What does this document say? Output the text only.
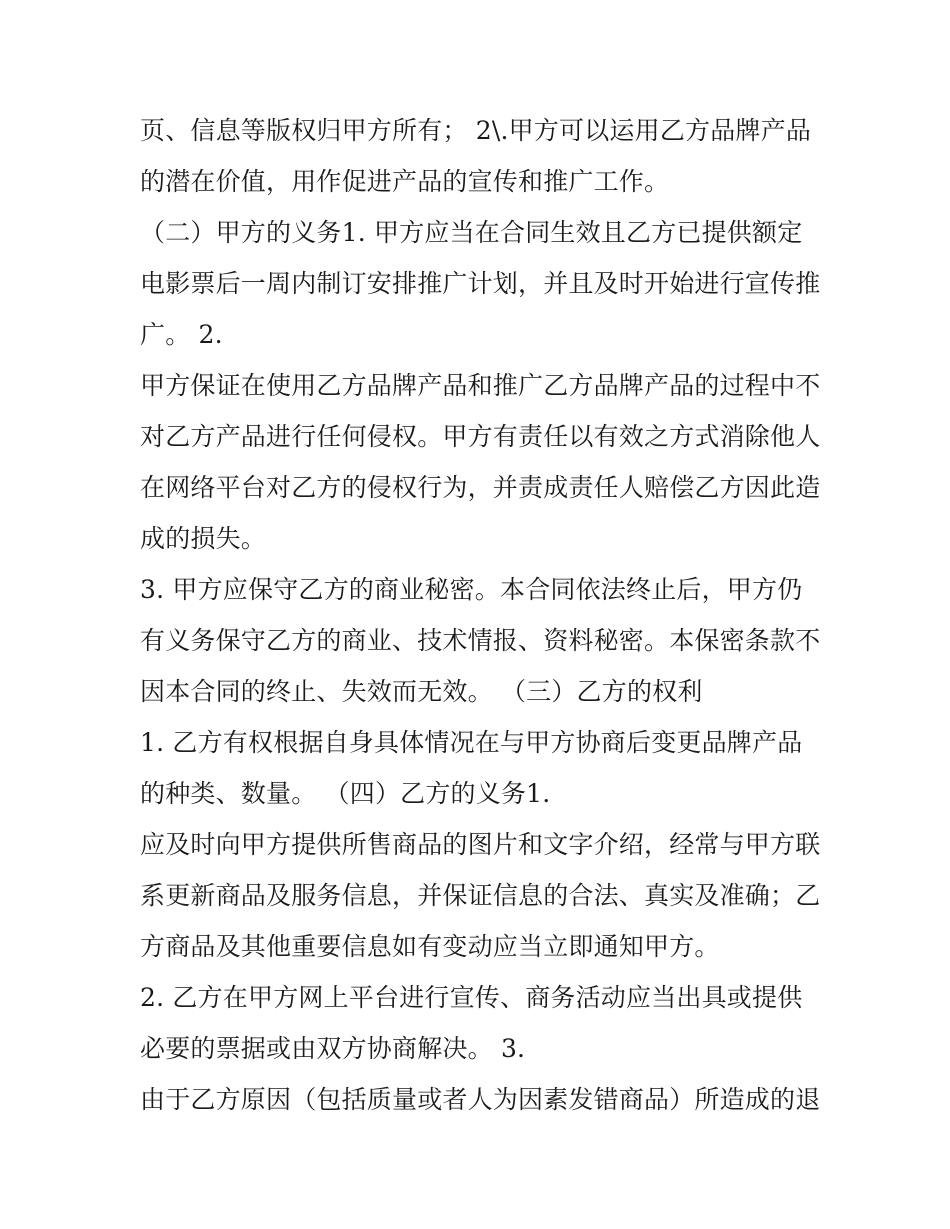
页、信息等版权归甲方所有； 2\.甲方可以运用乙方品牌产品
的潜在价值，用作促进产品的宣传和推广工作。
（二）甲方的义务1. 甲方应当在合同生效且乙方已提供额定
电影票后一周内制订安排推广计划，并且及时开始进行宣传推
广。 2.
甲方保证在使用乙方品牌产品和推广乙方品牌产品的过程中不
对乙方产品进行任何侵权。甲方有责任以有效之方式消除他人
在网络平台对乙方的侵权行为，并责成责任人赔偿乙方因此造
成的损失。
3. 甲方应保守乙方的商业秘密。本合同依法终止后，甲方仍
有义务保守乙方的商业、技术情报、资料秘密。本保密条款不
因本合同的终止、失效而无效。 （三）乙方的权利
1. 乙方有权根据自身具体情况在与甲方协商后变更品牌产品
的种类、数量。 （四）乙方的义务1.
应及时向甲方提供所售商品的图片和文字介绍，经常与甲方联
系更新商品及服务信息，并保证信息的合法、真实及准确；乙
方商品及其他重要信息如有变动应当立即通知甲方。
2. 乙方在甲方网上平台进行宣传、商务活动应当出具或提供
必要的票据或由双方协商解决。 3.
由于乙方原因（包括质量或者人为因素发错商品）所造成的退
